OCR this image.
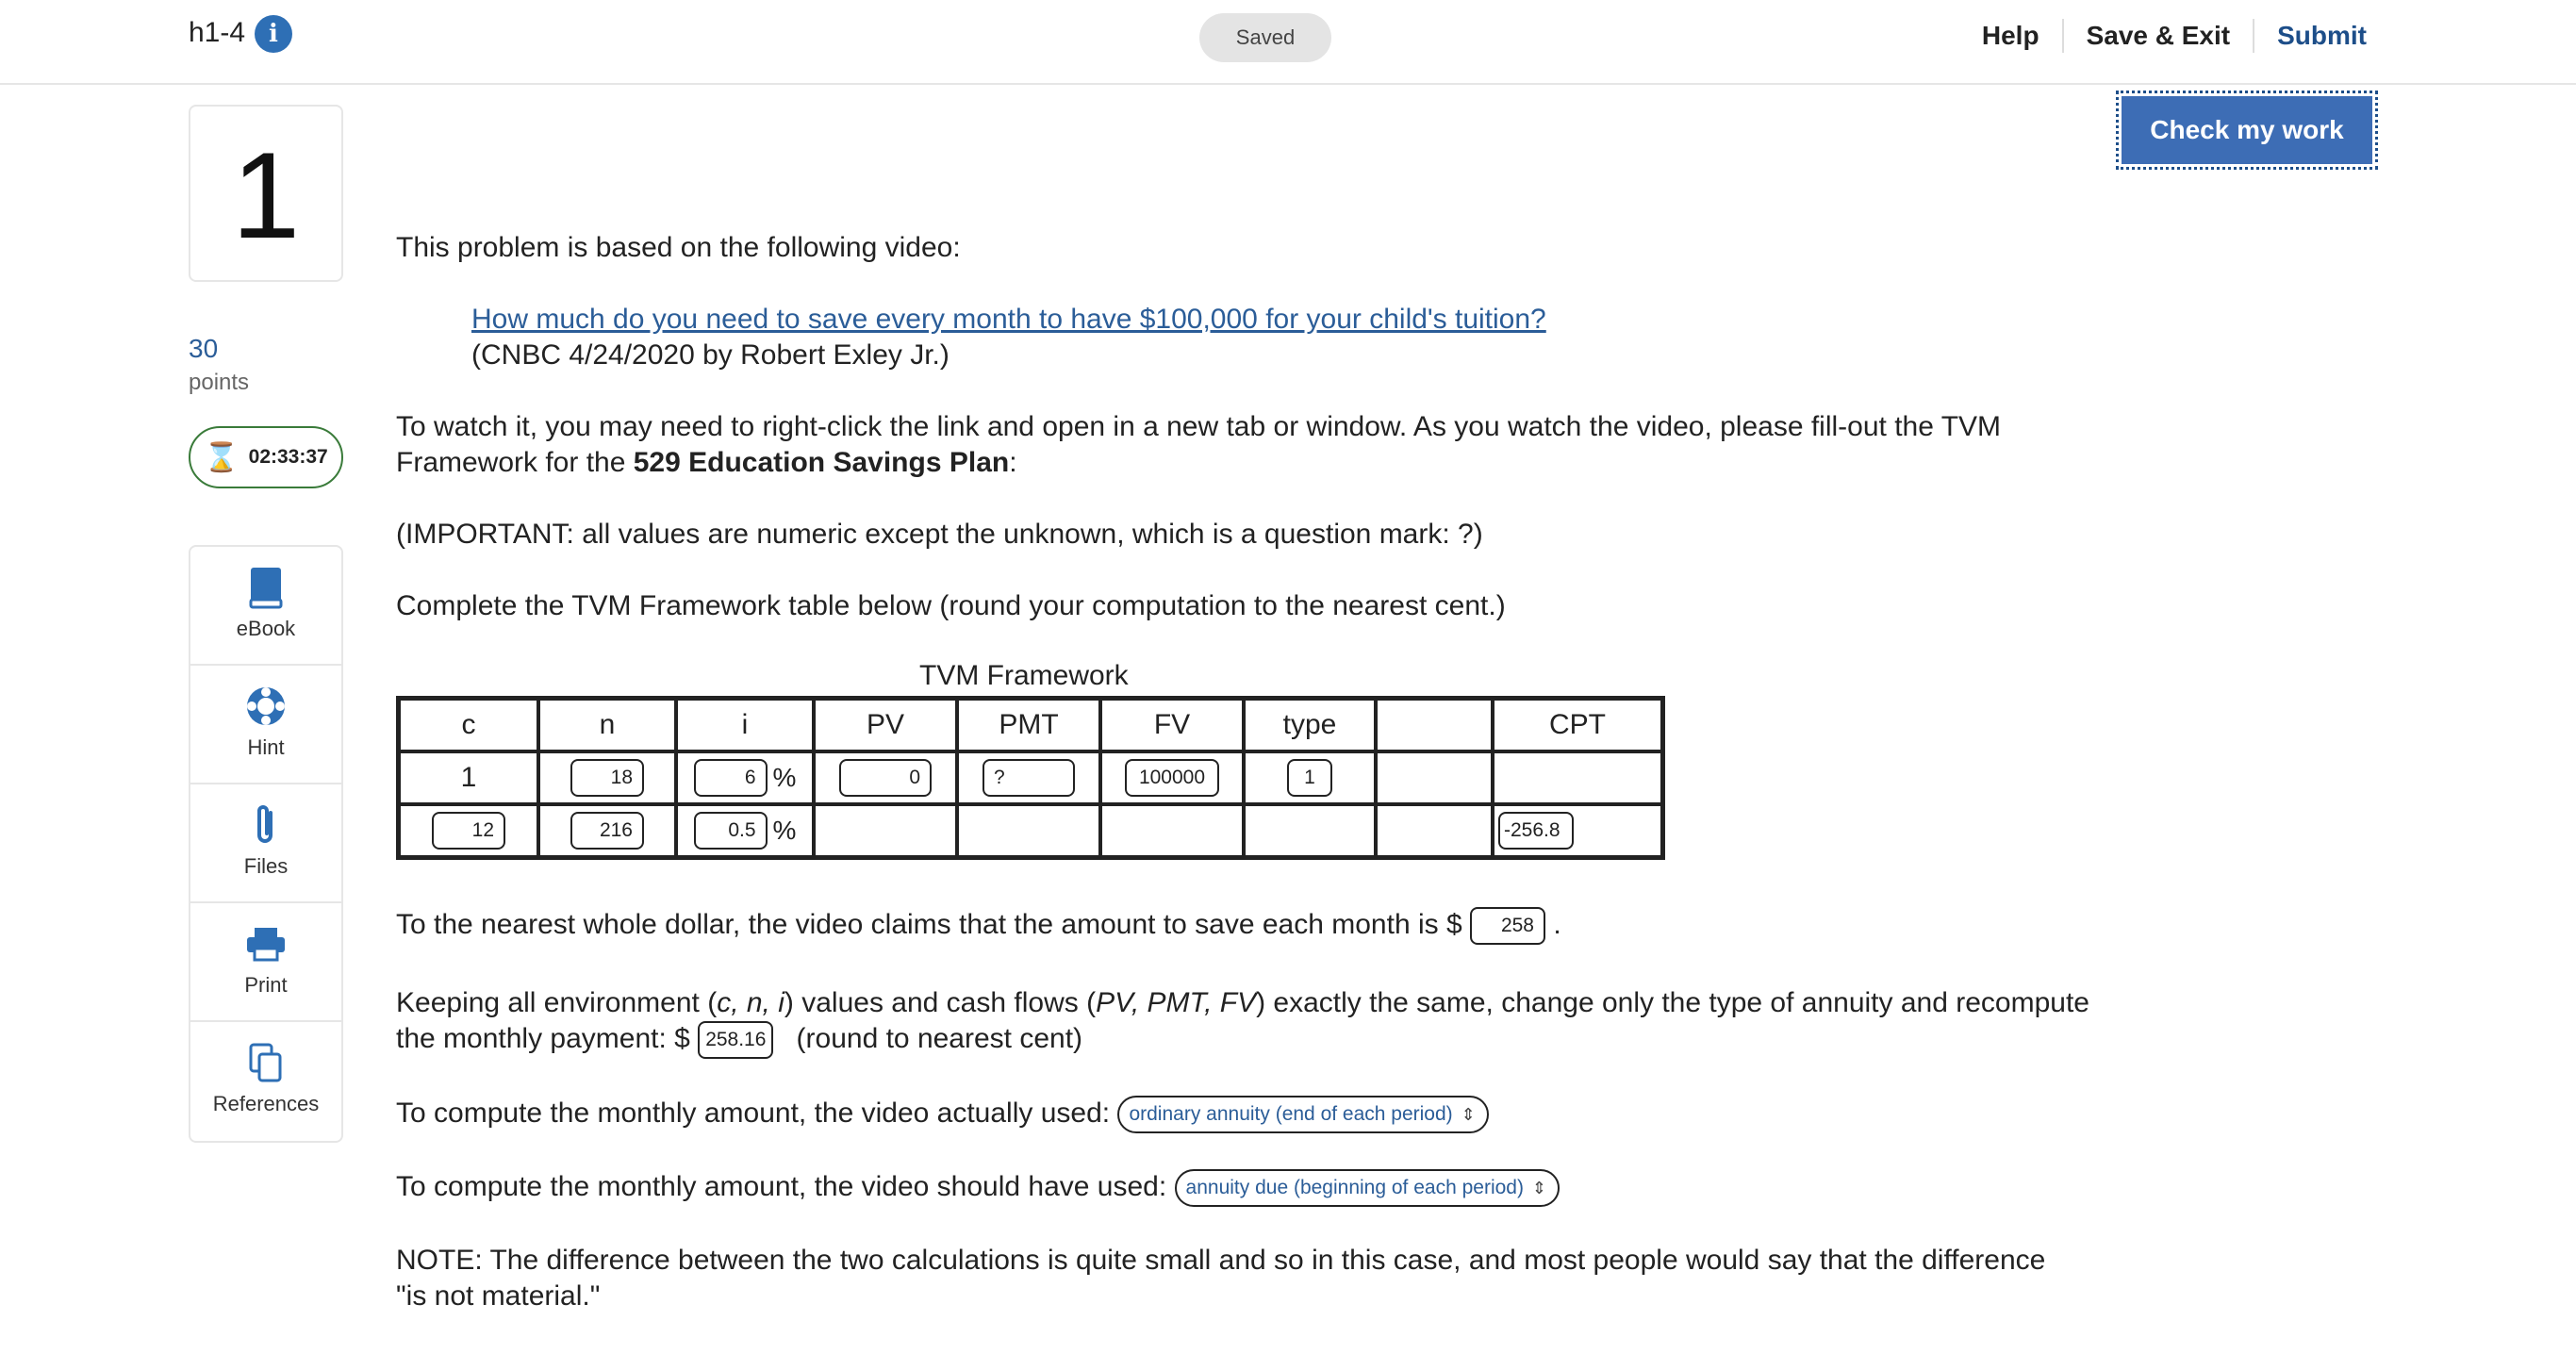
h1-4 i	Saved	Help	Save & Exit	Submit
1
30
points
⌛ 02:33:37
eBook
Hint
Files
Print
References
Check my work
This problem is based on the following video:
How much do you need to save every month to have $100,000 for your child's tuition?
(CNBC 4/24/2020 by Robert Exley Jr.)
To watch it, you may need to right-click the link and open in a new tab or window. As you watch the video, please fill-out the TVM
Framework for the 529 Education Savings Plan:
(IMPORTANT: all values are numeric except the unknown, which is a question mark: ?)
Complete the TVM Framework table below (round your computation to the nearest cent.)
TVM Framework
c	n	i	PV	PMT	FV	type		CPT
1	18	6 %	0	?	100000	1		
12	216	0.5 %						-256.8
To the nearest whole dollar, the video claims that the amount to save each month is $ 258 .
Keeping all environment (c, n, i) values and cash flows (PV, PMT, FV) exactly the same, change only the type of annuity and recompute
the monthly payment: $ 258.16 (round to nearest cent)
To compute the monthly amount, the video actually used: ordinary annuity (end of each period) ⇕
To compute the monthly amount, the video should have used: annuity due (beginning of each period) ⇕
NOTE: The difference between the two calculations is quite small and so in this case, and most people would say that the difference
"is not material."
